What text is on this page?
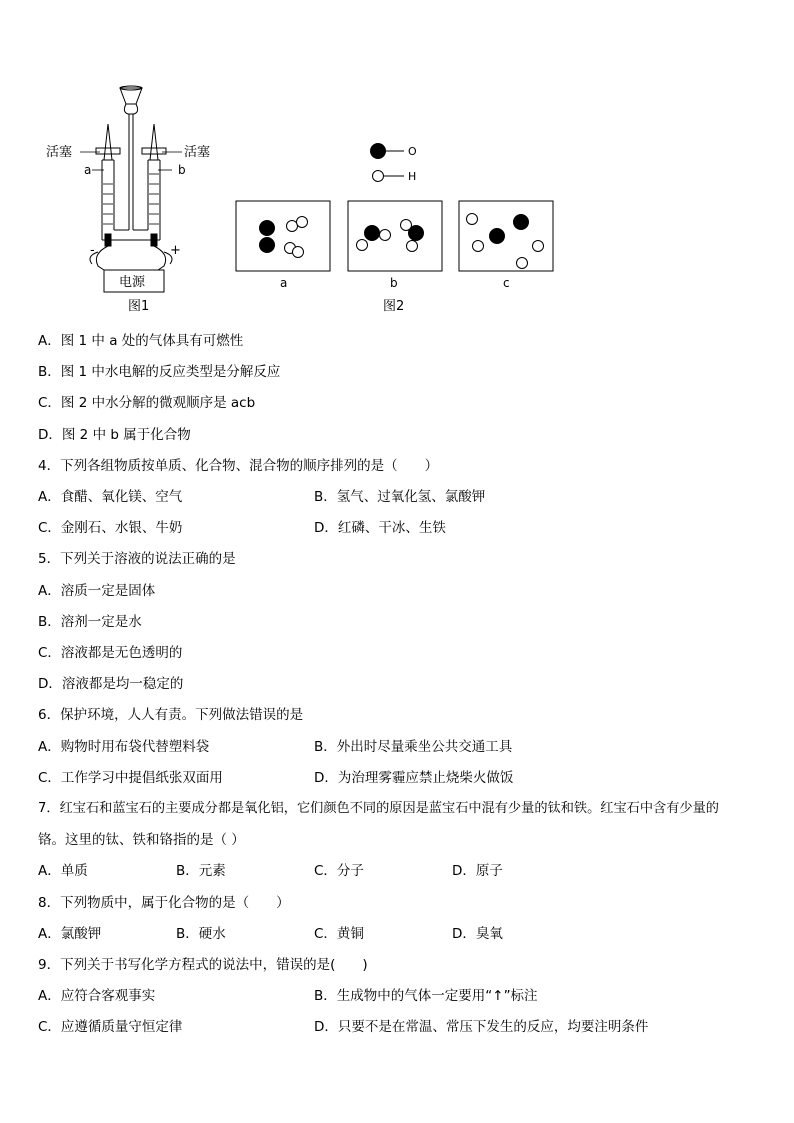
活塞	活塞
a	b
-	+
电源
图1
O
H
a	b	c
图2
A．图 1 中 a 处的气体具有可燃性
B．图 1 中水电解的反应类型是分解反应
C．图 2 中水分解的微观顺序是 acb
D．图 2 中 b 属于化合物
4．下列各组物质按单质、化合物、混合物的顺序排列的是（　　）
A．食醋、氧化镁、空气	B．氢气、过氧化氢、氯酸钾
C．金刚石、水银、牛奶	D．红磷、干冰、生铁
5．下列关于溶液的说法正确的是
A．溶质一定是固体
B．溶剂一定是水
C．溶液都是无色透明的
D．溶液都是均一稳定的
6．保护环境，人人有责。下列做法错误的是
A．购物时用布袋代替塑料袋	B．外出时尽量乘坐公共交通工具
C．工作学习中提倡纸张双面用	D．为治理雾霾应禁止烧柴火做饭
7．红宝石和蓝宝石的主要成分都是氧化铝，它们颜色不同的原因是蓝宝石中混有少量的钛和铁。红宝石中含有少量的
铬。这里的钛、铁和铬指的是（ ）
A．单质	B．元素	C．分子	D．原子
8．下列物质中，属于化合物的是（　　）
A．氯酸钾	B．硬水	C．黄铜	D．臭氧
9．下列关于书写化学方程式的说法中，错误的是(　　)
A．应符合客观事实	B．生成物中的气体一定要用“↑”标注
C．应遵循质量守恒定律	D．只要不是在常温、常压下发生的反应，均要注明条件
